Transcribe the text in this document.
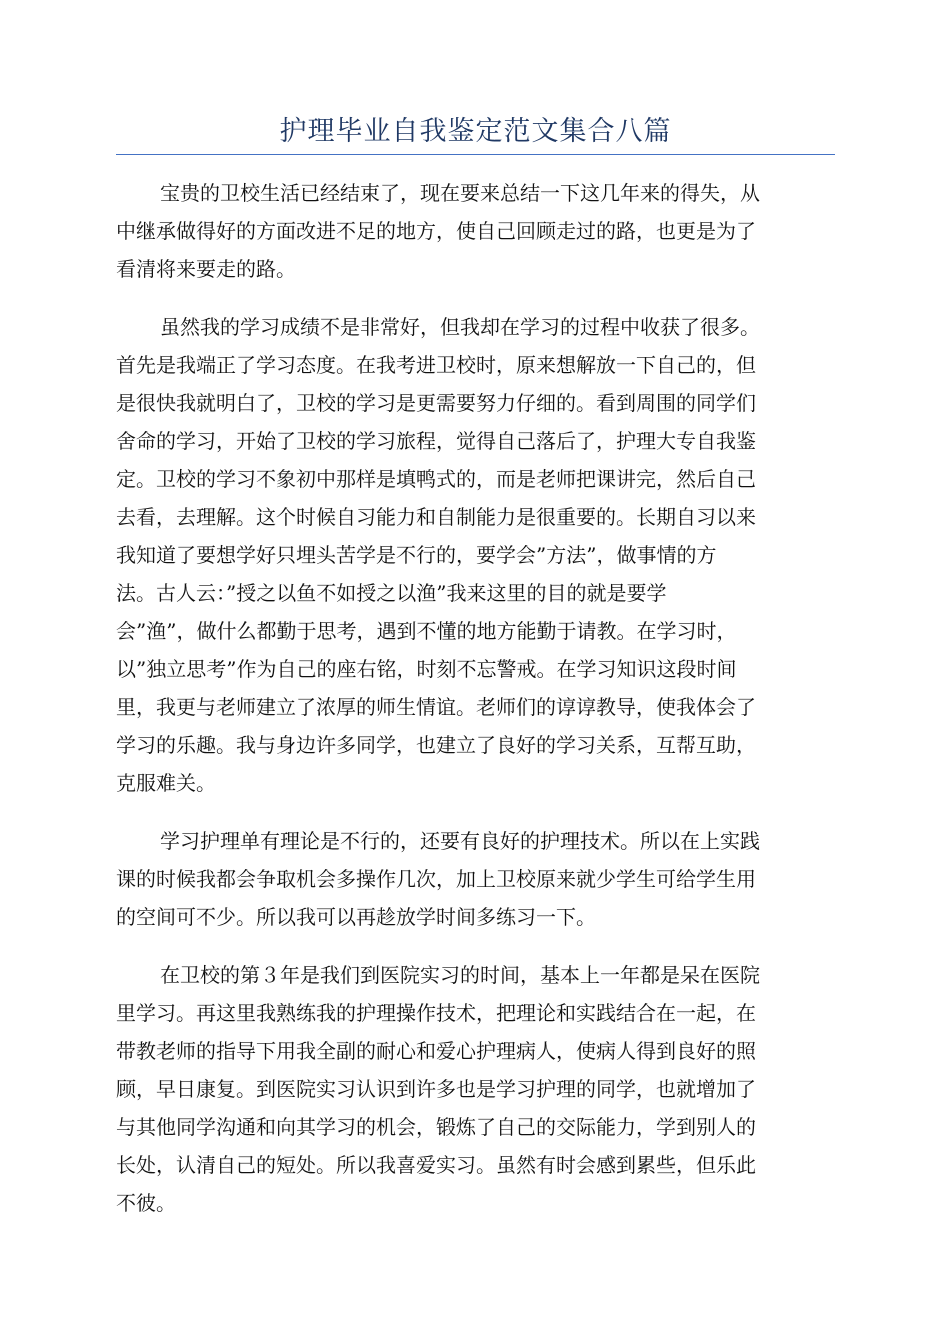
护理毕业自我鉴定范文集合八篇

宝贵的卫校生活已经结束了，现在要来总结一下这几年来的得失，从
中继承做得好的方面改进不足的地方，使自己回顾走过的路，也更是为了
看清将来要走的路。

虽然我的学习成绩不是非常好，但我却在学习的过程中收获了很多。
首先是我端正了学习态度。在我考进卫校时，原来想解放一下自己的，但
是很快我就明白了，卫校的学习是更需要努力仔细的。看到周围的同学们
舍命的学习，开始了卫校的学习旅程，觉得自己落后了，护理大专自我鉴
定。卫校的学习不象初中那样是填鸭式的，而是老师把课讲完，然后自己
去看，去理解。这个时候自习能力和自制能力是很重要的。长期自习以来
我知道了要想学好只埋头苦学是不行的，要学会”方法”，做事情的方
法。古人云：”授之以鱼不如授之以渔”我来这里的目的就是要学
会”渔”，做什么都勤于思考，遇到不懂的地方能勤于请教。在学习时，
以”独立思考”作为自己的座右铭，时刻不忘警戒。在学习知识这段时间
里，我更与老师建立了浓厚的师生情谊。老师们的谆谆教导，使我体会了
学习的乐趣。我与身边许多同学，也建立了良好的学习关系，互帮互助，
克服难关。

学习护理单有理论是不行的，还要有良好的护理技术。所以在上实践
课的时候我都会争取机会多操作几次，加上卫校原来就少学生可给学生用
的空间可不少。所以我可以再趁放学时间多练习一下。

在卫校的第３年是我们到医院实习的时间，基本上一年都是呆在医院
里学习。再这里我熟练我的护理操作技术，把理论和实践结合在一起，在
带教老师的指导下用我全副的耐心和爱心护理病人，使病人得到良好的照
顾，早日康复。到医院实习认识到许多也是学习护理的同学，也就增加了
与其他同学沟通和向其学习的机会，锻炼了自己的交际能力，学到别人的
长处，认清自己的短处。所以我喜爱实习。虽然有时会感到累些，但乐此
不彼。
